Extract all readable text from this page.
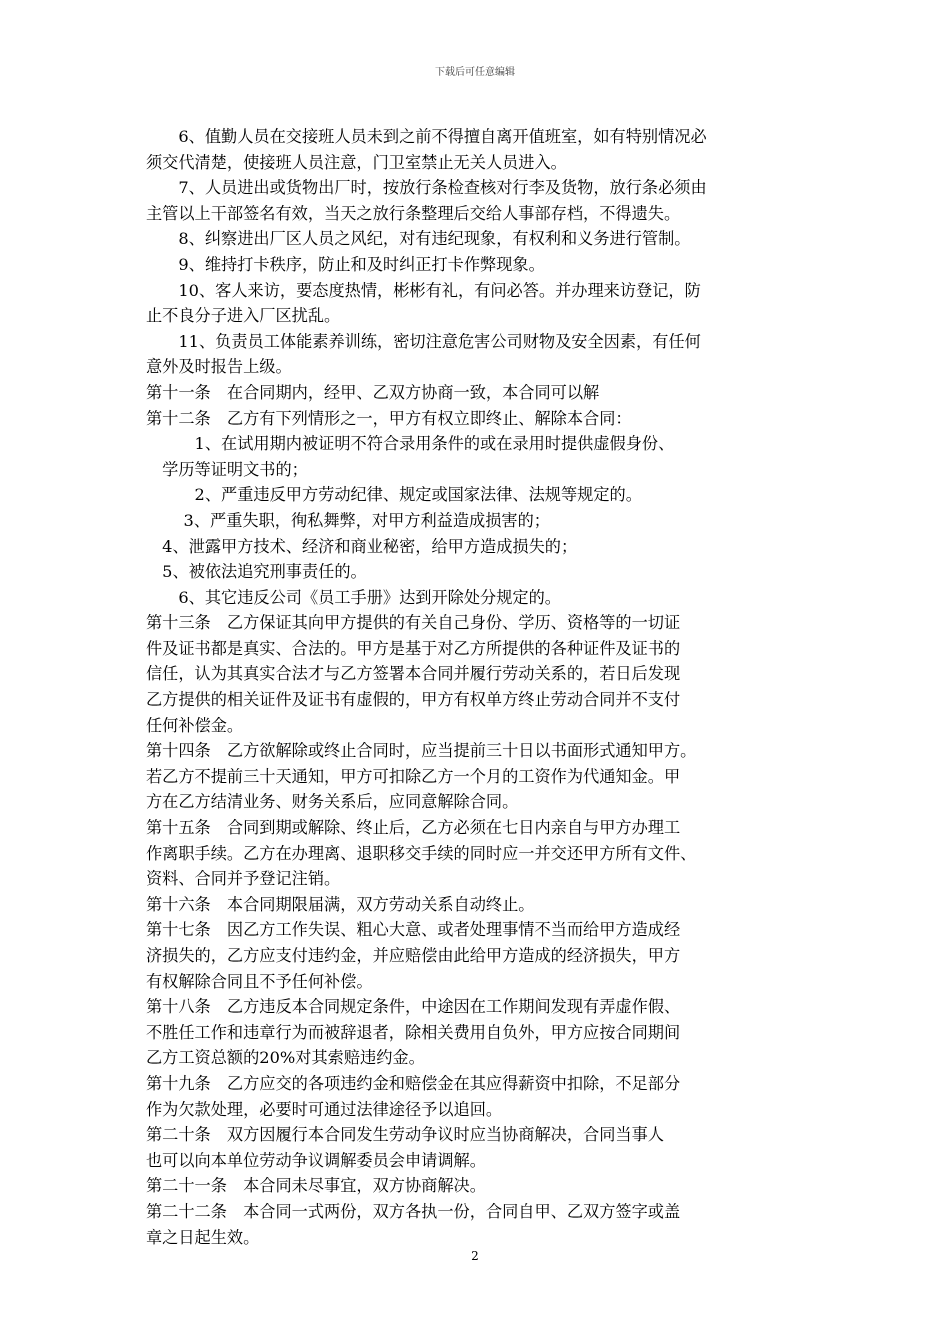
下载后可任意编辑
　　6、值勤人员在交接班人员未到之前不得擅自离开值班室，如有特别情况必
须交代清楚，使接班人员注意，门卫室禁止无关人员进入。
　　7、人员进出或货物出厂时，按放行条检查核对行李及货物，放行条必须由
主管以上干部签名有效，当天之放行条整理后交给人事部存档，不得遗失。
　　8、纠察进出厂区人员之风纪，对有违纪现象，有权利和义务进行管制。
　　9、维持打卡秩序，防止和及时纠正打卡作弊现象。
　　10、客人来访，要态度热情，彬彬有礼，有问必答。并办理来访登记，防
止不良分子进入厂区扰乱。
　　11、负责员工体能素养训练，密切注意危害公司财物及安全因素，有任何
意外及时报告上级。
第十一条　在合同期内，经甲、乙双方协商一致，本合同可以解
第十二条　乙方有下列情形之一，甲方有权立即终止、解除本合同：
　　　1、在试用期内被证明不符合录用条件的或在录用时提供虚假身份、
　学历等证明文书的；
　　　2、严重违反甲方劳动纪律、规定或国家法律、法规等规定的。
　　 3、严重失职，徇私舞弊，对甲方利益造成损害的；
　4、泄露甲方技术、经济和商业秘密，给甲方造成损失的；
　5、被依法追究刑事责任的。
　　6、其它违反公司《员工手册》达到开除处分规定的。
第十三条　乙方保证其向甲方提供的有关自己身份、学历、资格等的一切证
件及证书都是真实、合法的。甲方是基于对乙方所提供的各种证件及证书的
信任，认为其真实合法才与乙方签署本合同并履行劳动关系的，若日后发现
乙方提供的相关证件及证书有虚假的，甲方有权单方终止劳动合同并不支付
任何补偿金。
第十四条　乙方欲解除或终止合同时，应当提前三十日以书面形式通知甲方。
若乙方不提前三十天通知，甲方可扣除乙方一个月的工资作为代通知金。甲
方在乙方结清业务、财务关系后，应同意解除合同。
第十五条　合同到期或解除、终止后，乙方必须在七日内亲自与甲方办理工
作离职手续。乙方在办理离、退职移交手续的同时应一并交还甲方所有文件、
资料、合同并予登记注销。
第十六条　本合同期限届满，双方劳动关系自动终止。
第十七条　因乙方工作失误、粗心大意、或者处理事情不当而给甲方造成经
济损失的，乙方应支付违约金，并应赔偿由此给甲方造成的经济损失，甲方
有权解除合同且不予任何补偿。
第十八条　乙方违反本合同规定条件，中途因在工作期间发现有弄虚作假、
不胜任工作和违章行为而被辞退者，除相关费用自负外，甲方应按合同期间
乙方工资总额的20%对其索赔违约金。
第十九条　乙方应交的各项违约金和赔偿金在其应得薪资中扣除，不足部分
作为欠款处理，必要时可通过法律途径予以追回。
第二十条　双方因履行本合同发生劳动争议时应当协商解决，合同当事人
也可以向本单位劳动争议调解委员会申请调解。
第二十一条　本合同未尽事宜，双方协商解决。
第二十二条　本合同一式两份，双方各执一份，合同自甲、乙双方签字或盖
章之日起生效。
2
